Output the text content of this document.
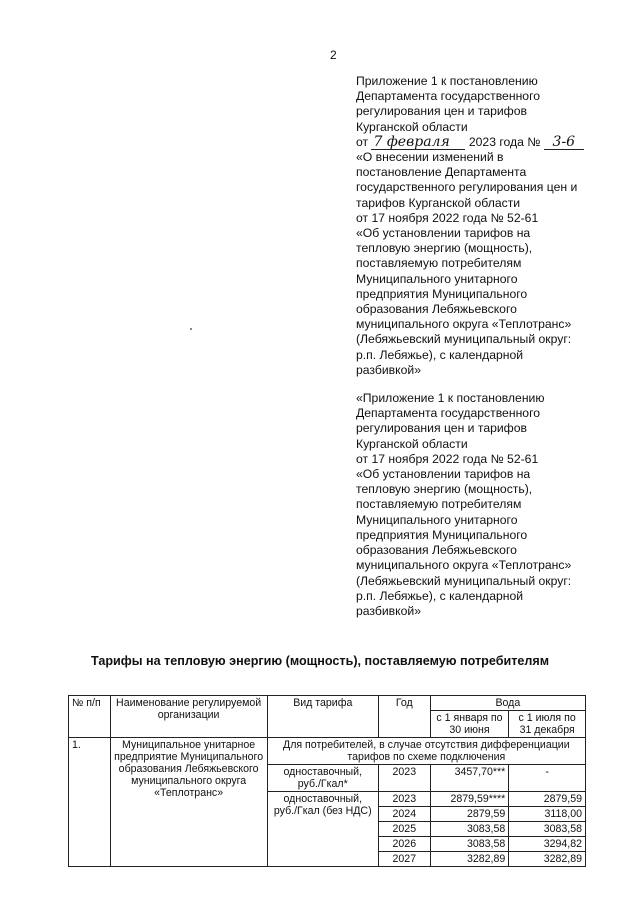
2

Приложение 1 к постановлению

Департамента государственного

регулирования цен и тарифов

Курганской области

от 7 февраля 2023 года № 3-6

«О внесении изменений в

постановление Департамента

государственного регулирования цен и

тарифов Курганской области

от 17 ноября 2022 года № 52-61

«Об установлении тарифов на

тепловую энергию (мощность),

поставляемую потребителям

Муниципального унитарного

предприятия Муниципального

образования Лебяжьевского

муниципального округа «Теплотранс»

(Лебяжьевский муниципальный округ:

р.п. Лебяжье), с календарной

разбивкой»

«Приложение 1 к постановлению

Департамента государственного

регулирования цен и тарифов

Курганской области

от 17 ноября 2022 года № 52-61

«Об установлении тарифов на

тепловую энергию (мощность),

поставляемую потребителям

Муниципального унитарного

предприятия Муниципального

образования Лебяжьевского

муниципального округа «Теплотранс»

(Лебяжьевский муниципальный округ:

р.п. Лебяжье), с календарной

разбивкой»

Тарифы на тепловую энергию (мощность), поставляемую потребителям
№ п/п	Наименование регулируемой организации	Вид тарифа	Год	Вода	
				с 1 января по 30 июня	с 1 июля по 31 декабря
1.	Муниципальное унитарное предприятие Муниципального образования Лебяжьевского муниципального округа «Теплотранс»	Для потребителей, в случае отсутствия дифференциации тарифов по схеме подключения			
		одноставочный, руб./Гкал*	2023	3457,70***	-
		одноставочный, руб./Гкал (без НДС)	2023	2879,59****	2879,59
			2024	2879,59	3118,00
			2025	3083,58	3083,58
			2026	3083,58	3294,82
			2027	3282,89	3282,89
